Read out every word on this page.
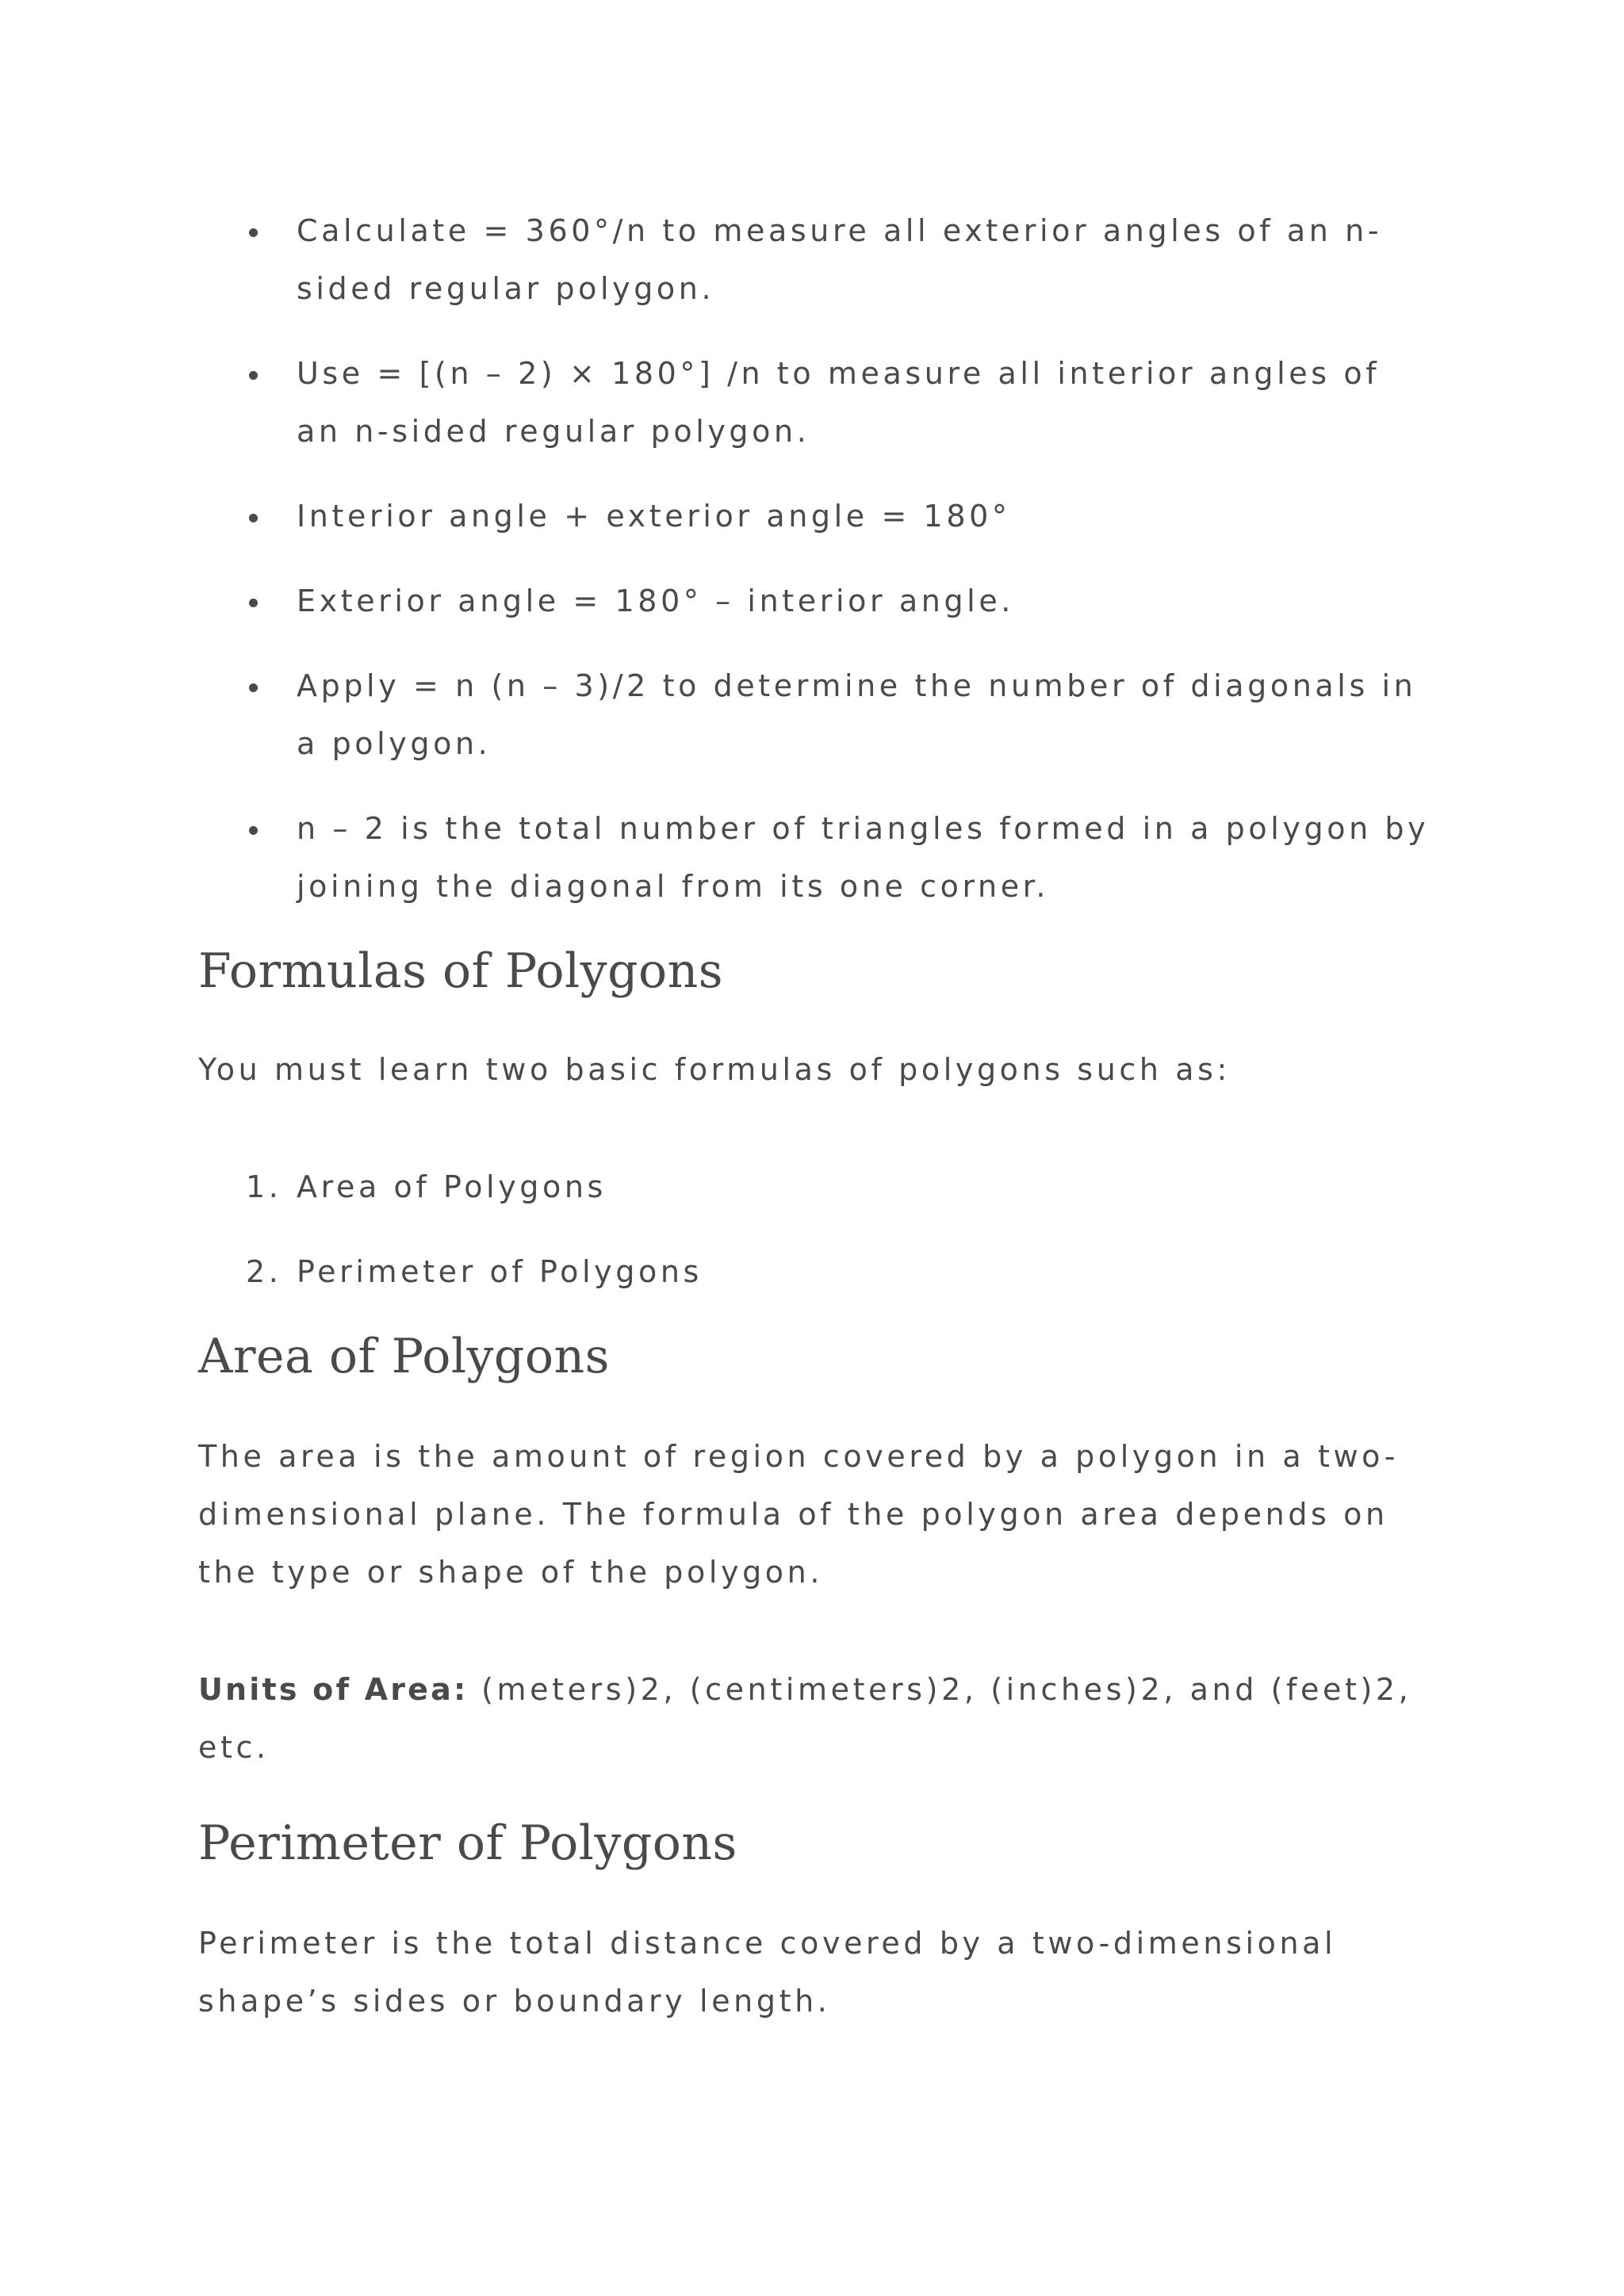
Calculate = 360°/n to measure all exterior angles of an n-sided regular polygon.
Use = [(n – 2) × 180°] /n to measure all interior angles of an n-sided regular polygon.
Interior angle + exterior angle = 180°
Exterior angle = 180° – interior angle.
Apply = n (n – 3)/2 to determine the number of diagonals in a polygon.
n – 2 is the total number of triangles formed in a polygon by joining the diagonal from its one corner.
Formulas of Polygons

You must learn two basic formulas of polygons such as:

1. Area of Polygons
2. Perimeter of Polygons
Area of Polygons

The area is the amount of region covered by a polygon in a two-dimensional plane. The formula of the polygon area depends on the type or shape of the polygon.

Units of Area: (meters)2, (centimeters)2, (inches)2, and (feet)2, etc.

Perimeter of Polygons

Perimeter is the total distance covered by a two-dimensional shape’s sides or boundary length.
